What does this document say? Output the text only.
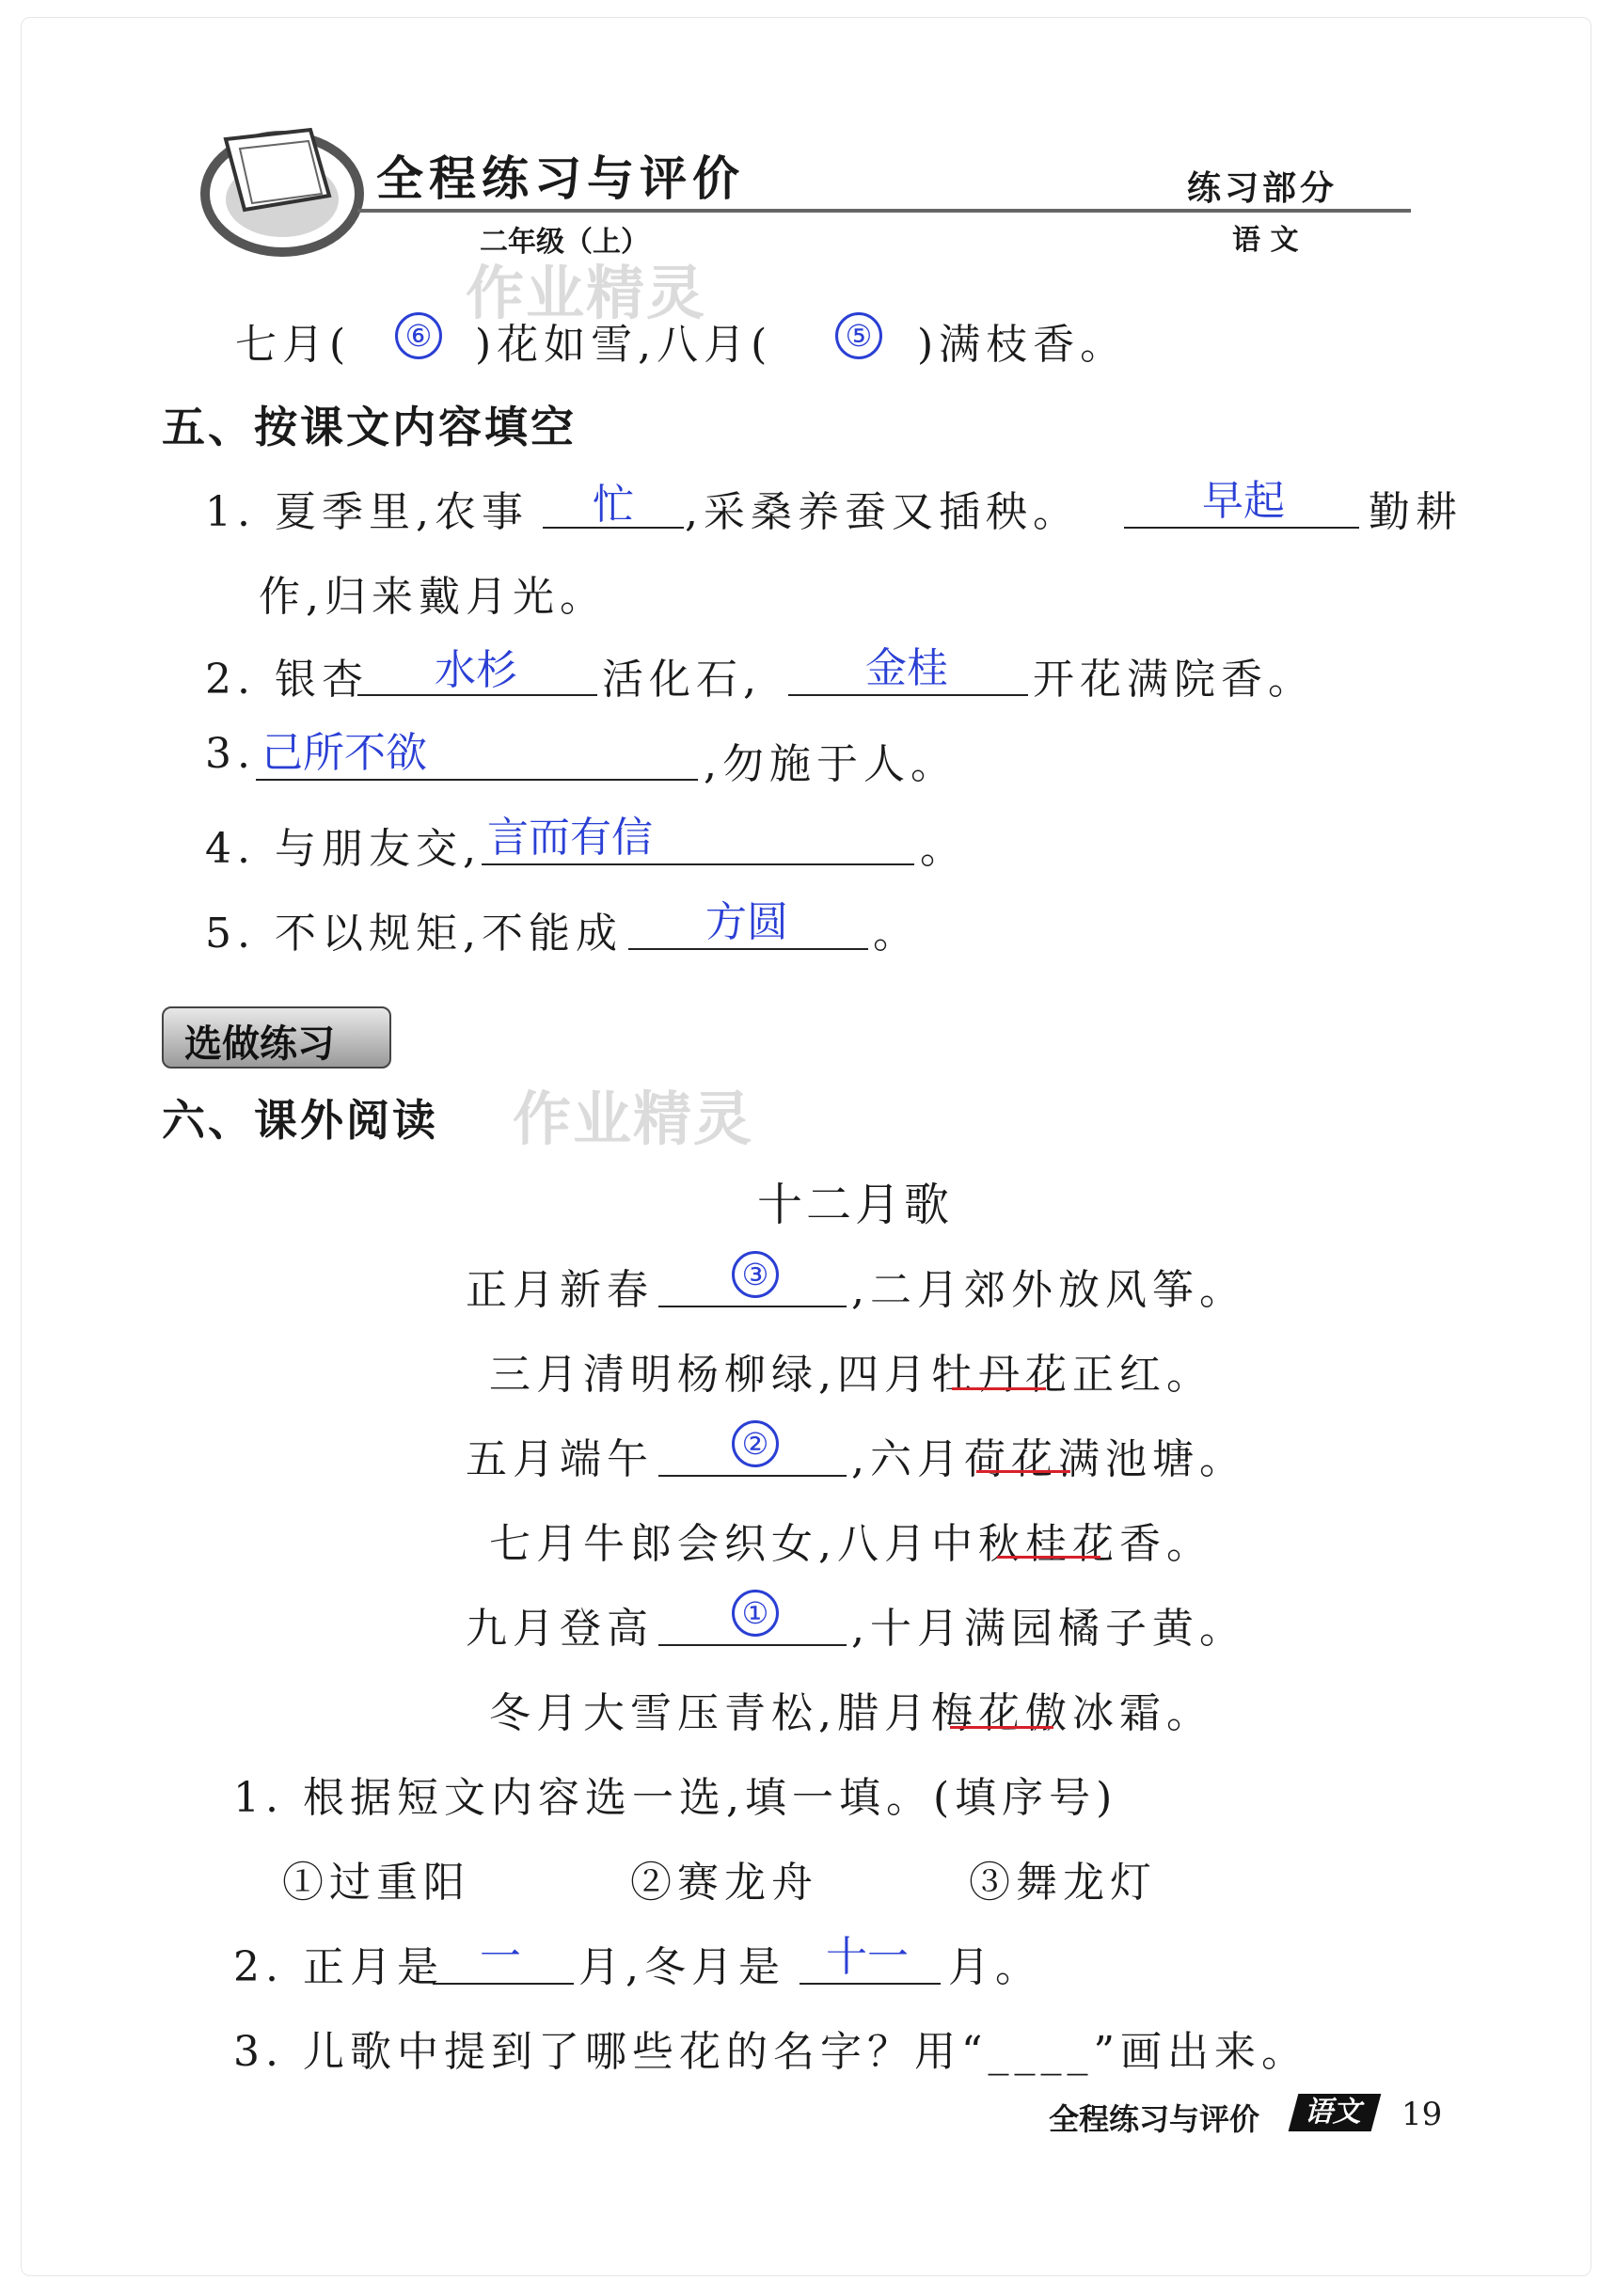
全程练习与评价
二年级（上）
练习部分
语 文
作业精灵
作业精灵
七月(	⑥ )花如雪,八月(	⑤ )满枝香。
五、按课文内容填空
1. 夏季里,农事 忙 ,采桑养蚕又插秧。	早起 勤耕
作,归来戴月光。
2. 银杏 水杉 活化石,	金桂 开花满院香。
3. 己所不欲	,勿施于人。
4. 与朋友交, 言而有信	。
5. 不以规矩,不能成 方圆 。
选做练习
六、课外阅读
十二月歌
正月新春	③ ,二月郊外放风筝。
三月清明杨柳绿,四月牡丹花正红。
五月端午	② ,六月荷花满池塘。
七月牛郎会织女,八月中秋桂花香。
九月登高	① ,十月满园橘子黄。
冬月大雪压青松,腊月梅花傲冰霜。
1. 根据短文内容选一选,填一填。(填序号)
①过重阳	②赛龙舟	③舞龙灯
2. 正月是 一 月,冬月是 十一 月。
3. 儿歌中提到了哪些花的名字？用“____”画出来。
全程练习与评价	语文	19
